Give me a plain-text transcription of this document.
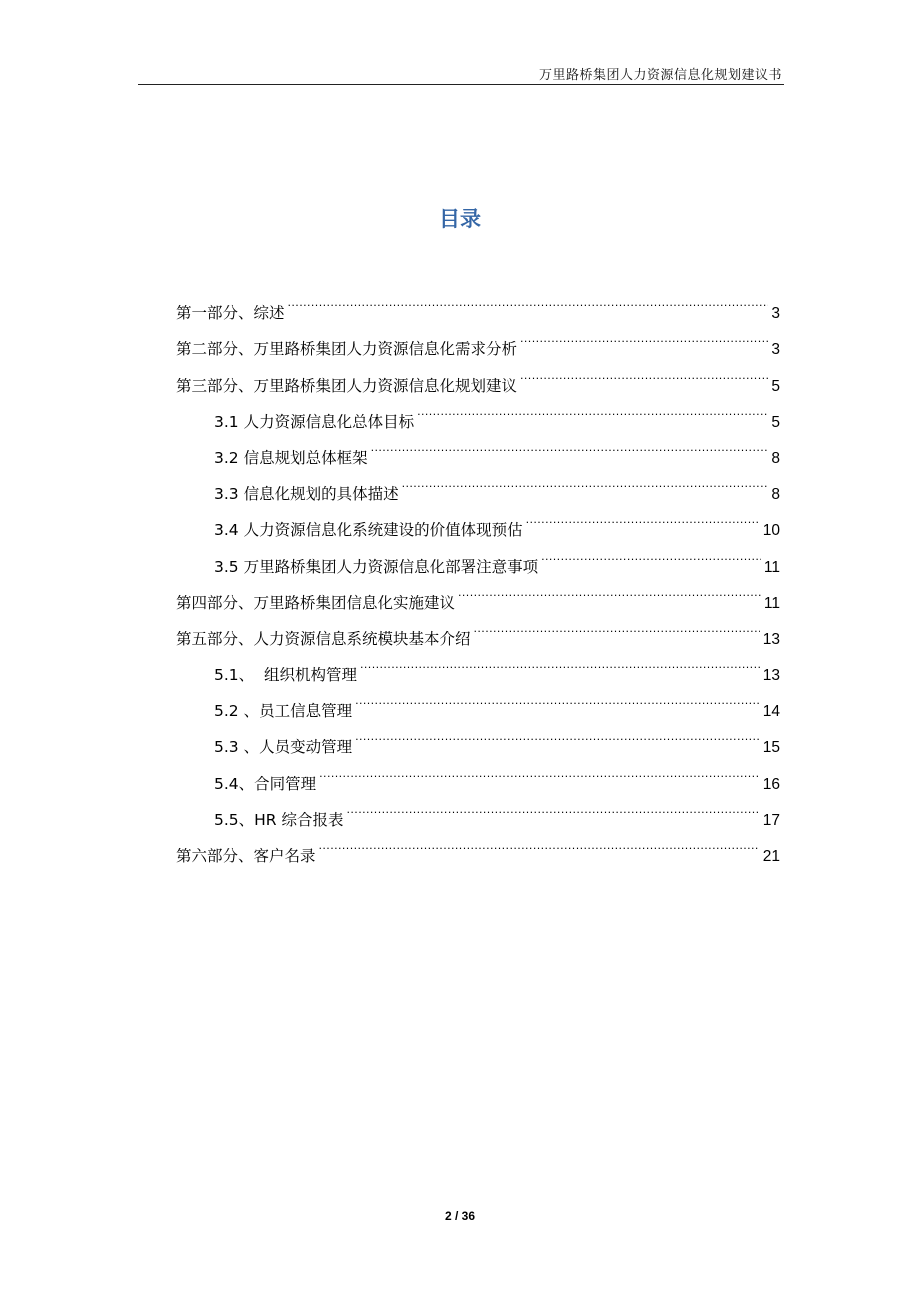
万里路桥集团人力资源信息化规划建议书
目录
第一部分、综述 .....	3
第二部分、万里路桥集团人力资源信息化需求分析 .....	3
第三部分、万里路桥集团人力资源信息化规划建议 .....	5
3.1 人力资源信息化总体目标 .....	5
3.2 信息规划总体框架 .....	8
3.3 信息化规划的具体描述 .....	8
3.4 人力资源信息化系统建设的价值体现预估 .....	10
3.5 万里路桥集团人力资源信息化部署注意事项 .....	11
第四部分、万里路桥集团信息化实施建议 .....	11
第五部分、人力资源信息系统模块基本介绍 .....	13
5.1、  组织机构管理 .....	13
5.2 、员工信息管理 .....	14
5.3 、人员变动管理 .....	15
5.4、合同管理 .....	16
5.5、HR 综合报表 .....	17
第六部分、客户名录 .....	21
2 / 36
